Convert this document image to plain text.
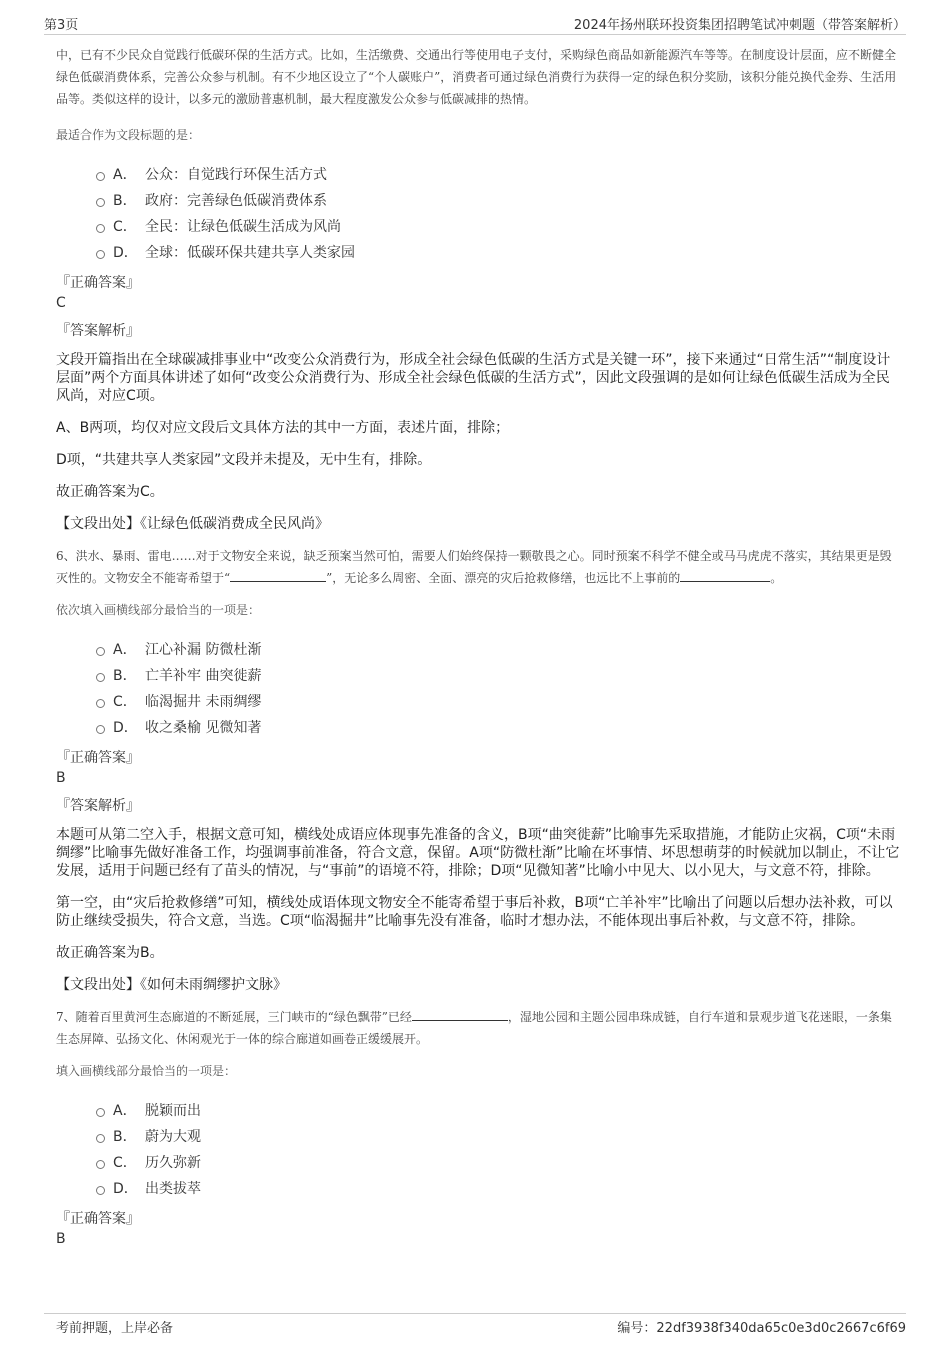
第3页	2024年扬州联环投资集团招聘笔试冲刺题（带答案解析）
中，已有不少民众自觉践行低碳环保的生活方式。比如，生活缴费、交通出行等使用电子支付，采购绿色商品如新能源汽车等等。在制度设计层面，应不断健全绿色低碳消费体系，完善公众参与机制。有不少地区设立了“个人碳账户”，消费者可通过绿色消费行为获得一定的绿色积分奖励，该积分能兑换代金券、生活用品等。类似这样的设计，以多元的激励普惠机制，最大程度激发公众参与低碳减排的热情。
最适合作为文段标题的是：
A． 公众：自觉践行环保生活方式
B． 政府：完善绿色低碳消费体系
C． 全民：让绿色低碳生活成为风尚
D． 全球：低碳环保共建共享人类家园
『正确答案』
C
『答案解析』
文段开篇指出在全球碳减排事业中“改变公众消费行为，形成全社会绿色低碳的生活方式是关键一环”，接下来通过“日常生活”“制度设计层面”两个方面具体讲述了如何“改变公众消费行为、形成全社会绿色低碳的生活方式”，因此文段强调的是如何让绿色低碳生活成为全民风尚，对应C项。
A、B两项，均仅对应文段后文具体方法的其中一方面，表述片面，排除；
D项，“共建共享人类家园”文段并未提及，无中生有，排除。
故正确答案为C。
【文段出处】《让绿色低碳消费成全民风尚》
6、洪水、暴雨、雷电……对于文物安全来说，缺乏预案当然可怕，需要人们始终保持一颗敬畏之心。同时预案不科学不健全或马马虎虎不落实，其结果更是毁灭性的。文物安全不能寄希望于“	”，无论多么周密、全面、漂亮的灾后抢救修缮，也远比不上事前的	。
依次填入画横线部分最恰当的一项是：
A． 江心补漏 防微杜渐
B． 亡羊补牢 曲突徙薪
C． 临渴掘井 未雨绸缪
D． 收之桑榆 见微知著
『正确答案』
B
『答案解析』
本题可从第二空入手，根据文意可知，横线处成语应体现事先准备的含义，B项“曲突徙薪”比喻事先采取措施，才能防止灾祸，C项“未雨绸缪”比喻事先做好准备工作，均强调事前准备，符合文意，保留。A项“防微杜渐”比喻在坏事情、坏思想萌芽的时候就加以制止，不让它发展，适用于问题已经有了苗头的情况，与“事前”的语境不符，排除；D项“见微知著”比喻小中见大、以小见大，与文意不符，排除。
第一空，由“灾后抢救修缮”可知，横线处成语体现文物安全不能寄希望于事后补救，B项“亡羊补牢”比喻出了问题以后想办法补救，可以防止继续受损失，符合文意，当选。C项“临渴掘井”比喻事先没有准备，临时才想办法，不能体现出事后补救，与文意不符，排除。
故正确答案为B。
【文段出处】《如何未雨绸缪护文脉》
7、随着百里黄河生态廊道的不断延展，三门峡市的“绿色飘带”已经	，湿地公园和主题公园串珠成链，自行车道和景观步道飞花迷眼，一条集生态屏障、弘扬文化、休闲观光于一体的综合廊道如画卷正缓缓展开。
填入画横线部分最恰当的一项是：
A． 脱颖而出
B． 蔚为大观
C． 历久弥新
D． 出类拔萃
『正确答案』
B
考前押题，上岸必备	编号：22df3938f340da65c0e3d0c2667c6f69
